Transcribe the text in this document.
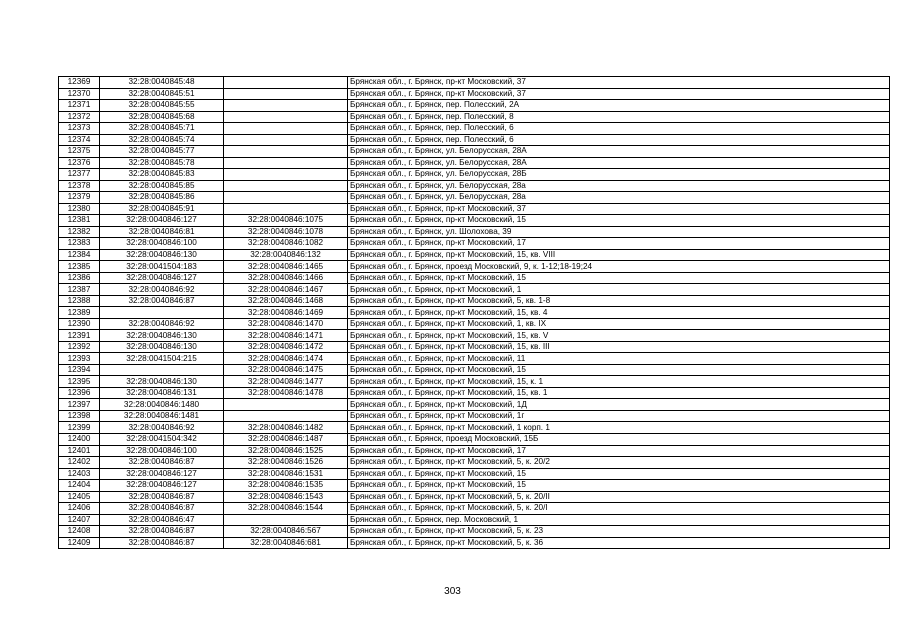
12369	32:28:0040845:48		Брянская обл., г. Брянск, пр-кт Московский, 37
12370	32:28:0040845:51		Брянская обл., г. Брянск, пр-кт Московский, 37
12371	32:28:0040845:55		Брянская обл., г. Брянск, пер. Полесский, 2А
12372	32:28:0040845:68		Брянская обл., г. Брянск, пер. Полесский, 8
12373	32:28:0040845:71		Брянская обл., г. Брянск, пер. Полесский, 6
12374	32:28:0040845:74		Брянская обл., г. Брянск, пер. Полесский, 6
12375	32:28:0040845:77		Брянская обл., г. Брянск, ул. Белорусская, 28А
12376	32:28:0040845:78		Брянская обл., г. Брянск, ул. Белорусская, 28А
12377	32:28:0040845:83		Брянская обл., г. Брянск, ул. Белорусская, 28Б
12378	32:28:0040845:85		Брянская обл., г. Брянск, ул. Белорусская, 28а
12379	32:28:0040845:86		Брянская обл., г. Брянск, ул. Белорусская, 28а
12380	32:28:0040845:91		Брянская обл., г. Брянск, пр-кт Московский, 37
12381	32:28:0040846:127	32:28:0040846:1075	Брянская обл., г. Брянск, пр-кт Московский, 15
12382	32:28:0040846:81	32:28:0040846:1078	Брянская обл., г. Брянск, ул. Шолохова, 39
12383	32:28:0040846:100	32:28:0040846:1082	Брянская обл., г. Брянск, пр-кт Московский, 17
12384	32:28:0040846:130	32:28:0040846:132	Брянская обл., г. Брянск, пр-кт Московский, 15, кв. VIII
12385	32:28:0041504:183	32:28:0040846:1465	Брянская обл., г. Брянск, проезд Московский, 9, к. 1-12;18-19;24
12386	32:28:0040846:127	32:28:0040846:1466	Брянская обл., г. Брянск, пр-кт Московский, 15
12387	32:28:0040846:92	32:28:0040846:1467	Брянская обл., г. Брянск, пр-кт Московский, 1
12388	32:28:0040846:87	32:28:0040846:1468	Брянская обл., г. Брянск, пр-кт Московский, 5, кв. 1-8
12389		32:28:0040846:1469	Брянская обл., г. Брянск, пр-кт Московский, 15, кв. 4
12390	32:28:0040846:92	32:28:0040846:1470	Брянская обл., г. Брянск, пр-кт Московский, 1, кв. IX
12391	32:28:0040846:130	32:28:0040846:1471	Брянская обл., г. Брянск, пр-кт Московский, 15, кв. V
12392	32:28:0040846:130	32:28:0040846:1472	Брянская обл., г. Брянск, пр-кт Московский, 15, кв. III
12393	32:28:0041504:215	32:28:0040846:1474	Брянская обл., г. Брянск, пр-кт Московский, 11
12394		32:28:0040846:1475	Брянская обл., г. Брянск, пр-кт Московский, 15
12395	32:28:0040846:130	32:28:0040846:1477	Брянская обл., г. Брянск, пр-кт Московский, 15, к. 1
12396	32:28:0040846:131	32:28:0040846:1478	Брянская обл., г. Брянск, пр-кт Московский, 15, кв. 1
12397	32:28:0040846:1480		Брянская обл., г. Брянск, пр-кт Московский, 1Д
12398	32:28:0040846:1481		Брянская обл., г. Брянск, пр-кт Московский, 1г
12399	32:28:0040846:92	32:28:0040846:1482	Брянская обл., г. Брянск, пр-кт Московский, 1 корп. 1
12400	32:28:0041504:342	32:28:0040846:1487	Брянская обл., г. Брянск, проезд Московский, 15Б
12401	32:28:0040846:100	32:28:0040846:1525	Брянская обл., г. Брянск, пр-кт Московский, 17
12402	32:28:0040846:87	32:28:0040846:1526	Брянская обл., г. Брянск, пр-кт Московский, 5, к. 20/2
12403	32:28:0040846:127	32:28:0040846:1531	Брянская обл., г. Брянск, пр-кт Московский, 15
12404	32:28:0040846:127	32:28:0040846:1535	Брянская обл., г. Брянск, пр-кт Московский, 15
12405	32:28:0040846:87	32:28:0040846:1543	Брянская обл., г. Брянск, пр-кт Московский, 5, к. 20/II
12406	32:28:0040846:87	32:28:0040846:1544	Брянская обл., г. Брянск, пр-кт Московский, 5, к. 20/I
12407	32:28:0040846:47		Брянская обл., г. Брянск, пер. Московский, 1
12408	32:28:0040846:87	32:28:0040846:567	Брянская обл., г. Брянск, пр-кт Московский, 5, к. 23
12409	32:28:0040846:87	32:28:0040846:681	Брянская обл., г. Брянск, пр-кт Московский, 5, к. 36
303
